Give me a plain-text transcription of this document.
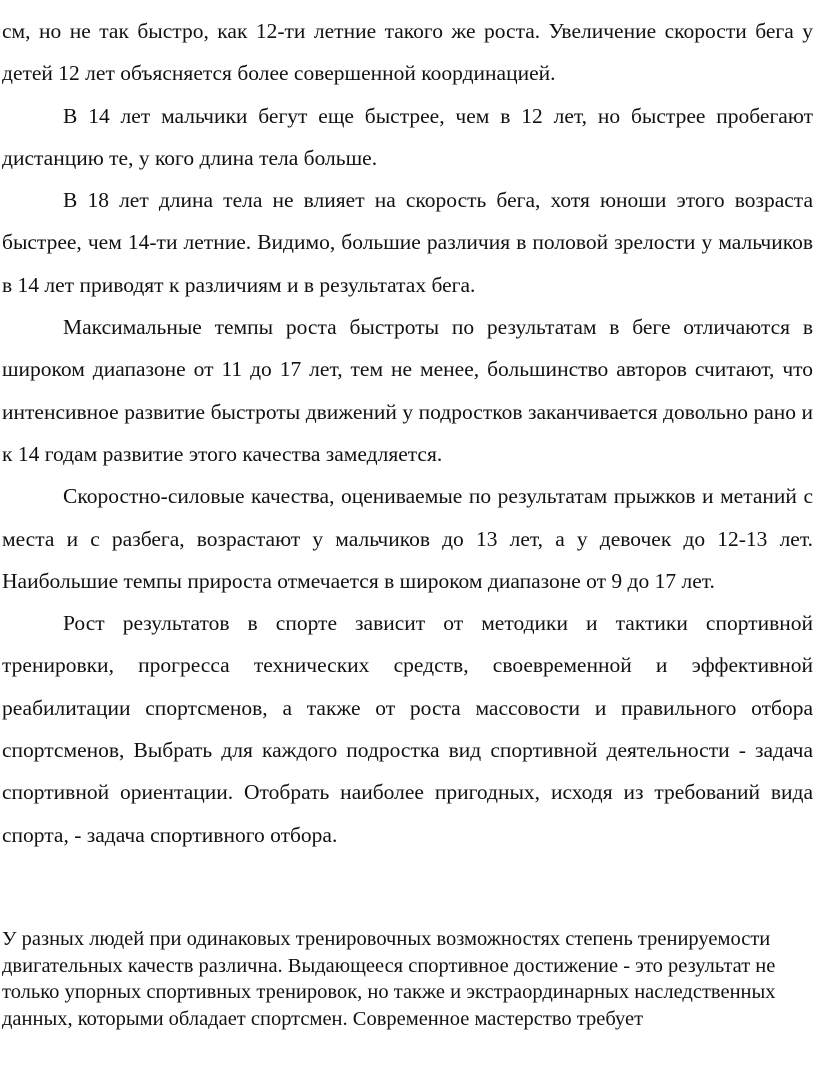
см, но не так быстро, как 12-ти летние такого же роста. Увеличение скорости бега у детей 12 лет объясняется более совершенной координацией.

В 14 лет мальчики бегут еще быстрее, чем в 12 лет, но быстрее пробегают дистанцию те, у кого длина тела больше.

В 18 лет длина тела не влияет на скорость бега, хотя юноши этого возраста быстрее, чем 14-ти летние. Видимо, большие различия в половой зрелости у мальчиков в 14 лет приводят к различиям и в результатах бега.

Максимальные темпы роста быстроты по результатам в беге отличаются в широком диапазоне от 11 до 17 лет, тем не менее, большинство авторов считают, что интенсивное развитие быстроты движений у подростков заканчивается довольно рано и к 14 годам развитие этого качества замедляется.

Скоростно-силовые качества, оцениваемые по результатам прыжков и метаний с места и с разбега, возрастают у мальчиков до 13 лет, а у девочек до 12-13 лет. Наибольшие темпы прироста отмечается в широком диапазоне от 9 до 17 лет.

Рост результатов в спорте зависит от методики и тактики спортивной тренировки, прогресса технических средств, своевременной и эффективной реабилитации спортсменов, а также от роста массовости и правильного отбора спортсменов, Выбрать для каждого подростка вид спортивной деятельности - задача спортивной ориентации. Отобрать наиболее пригодных, исходя из требований вида спорта, - задача спортивного отбора.

У разных людей при одинаковых тренировочных возможностях степень тренируемости двигательных качеств различна. Выдающееся спортивное достижение - это результат не только упорных спортивных тренировок, но также и экстраординарных наследственных данных, которыми обладает спортсмен. Современное мастерство требует
